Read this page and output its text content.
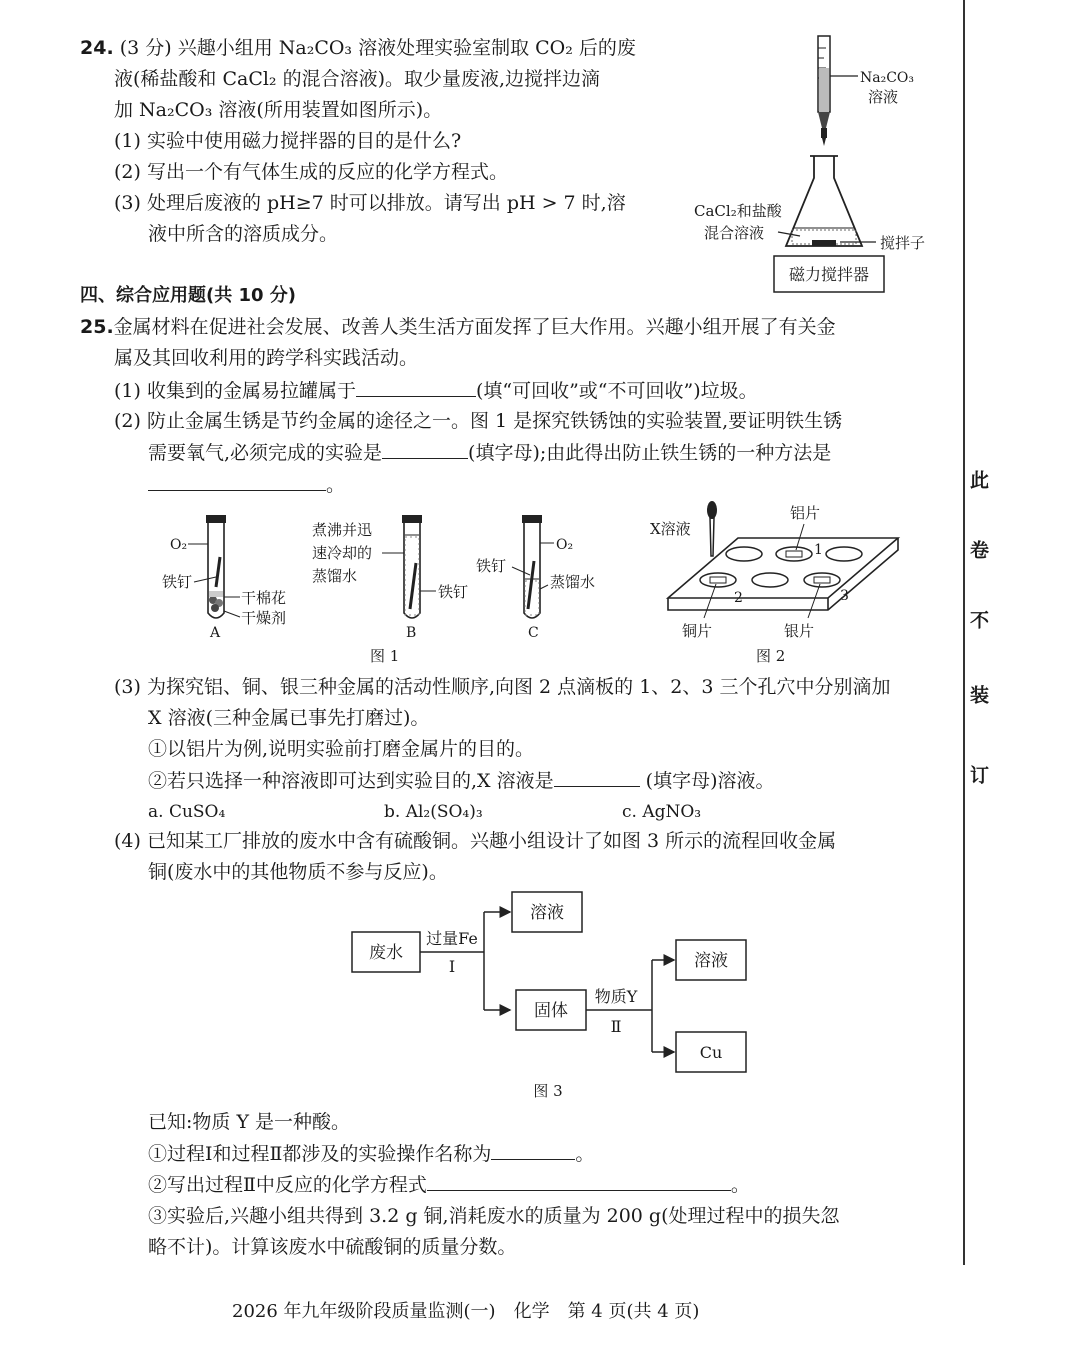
此
卷
不
装
订
24. (3 分) 兴趣小组用 Na₂CO₃ 溶液处理实验室制取 CO₂ 后的废
液(稀盐酸和 CaCl₂ 的混合溶液)。取少量废液,边搅拌边滴
加 Na₂CO₃ 溶液(所用装置如图所示)。
(1) 实验中使用磁力搅拌器的目的是什么?
(2) 写出一个有气体生成的反应的化学方程式。
(3) 处理后废液的 pH≥7 时可以排放。请写出 pH > 7 时,溶
液中所含的溶质成分。
Na₂CO₃
溶液
CaCl₂和盐酸
混合溶液
搅拌子
磁力搅拌器
四、综合应用题(共 10 分)
25.金属材料在促进社会发展、改善人类生活方面发挥了巨大作用。兴趣小组开展了有关金
属及其回收利用的跨学科实践活动。
(1) 收集到的金属易拉罐属于	(填“可回收”或“不可回收”)垃圾。
(2) 防止金属生锈是节约金属的途径之一。图 1 是探究铁锈蚀的实验装置,要证明铁生锈
需要氧气,必须完成的实验是	(填字母);由此得出防止铁生锈的一种方法是
。
O₂
铁钉
干棉花
干燥剂
A
煮沸并迅
速冷却的
蒸馏水
铁钉
B
O₂
铁钉
蒸馏水
C
图 1
X溶液
铝片
1
2	3
铜片	银片
图 2
(3) 为探究铝、铜、银三种金属的活动性顺序,向图 2 点滴板的 1、2、3 三个孔穴中分别滴加
X 溶液(三种金属已事先打磨过)。
①以铝片为例,说明实验前打磨金属片的目的。
②若只选择一种溶液即可达到实验目的,X 溶液是	(填字母)溶液。
a. CuSO₄	b. Al₂(SO₄)₃	c. AgNO₃
(4) 已知某工厂排放的废水中含有硫酸铜。兴趣小组设计了如图 3 所示的流程回收金属
铜(废水中的其他物质不参与反应)。
废水
过量Fe
Ⅰ
溶液
固体
物质Y
Ⅱ
溶液
Cu
图 3
已知:物质 Y 是一种酸。
①过程Ⅰ和过程Ⅱ都涉及的实验操作名称为	。
②写出过程Ⅱ中反应的化学方程式	。
③实验后,兴趣小组共得到 3.2 g 铜,消耗废水的质量为 200 g(处理过程中的损失忽
略不计)。计算该废水中硫酸铜的质量分数。
2026 年九年级阶段质量监测(一)　化学　第 4 页(共 4 页)
